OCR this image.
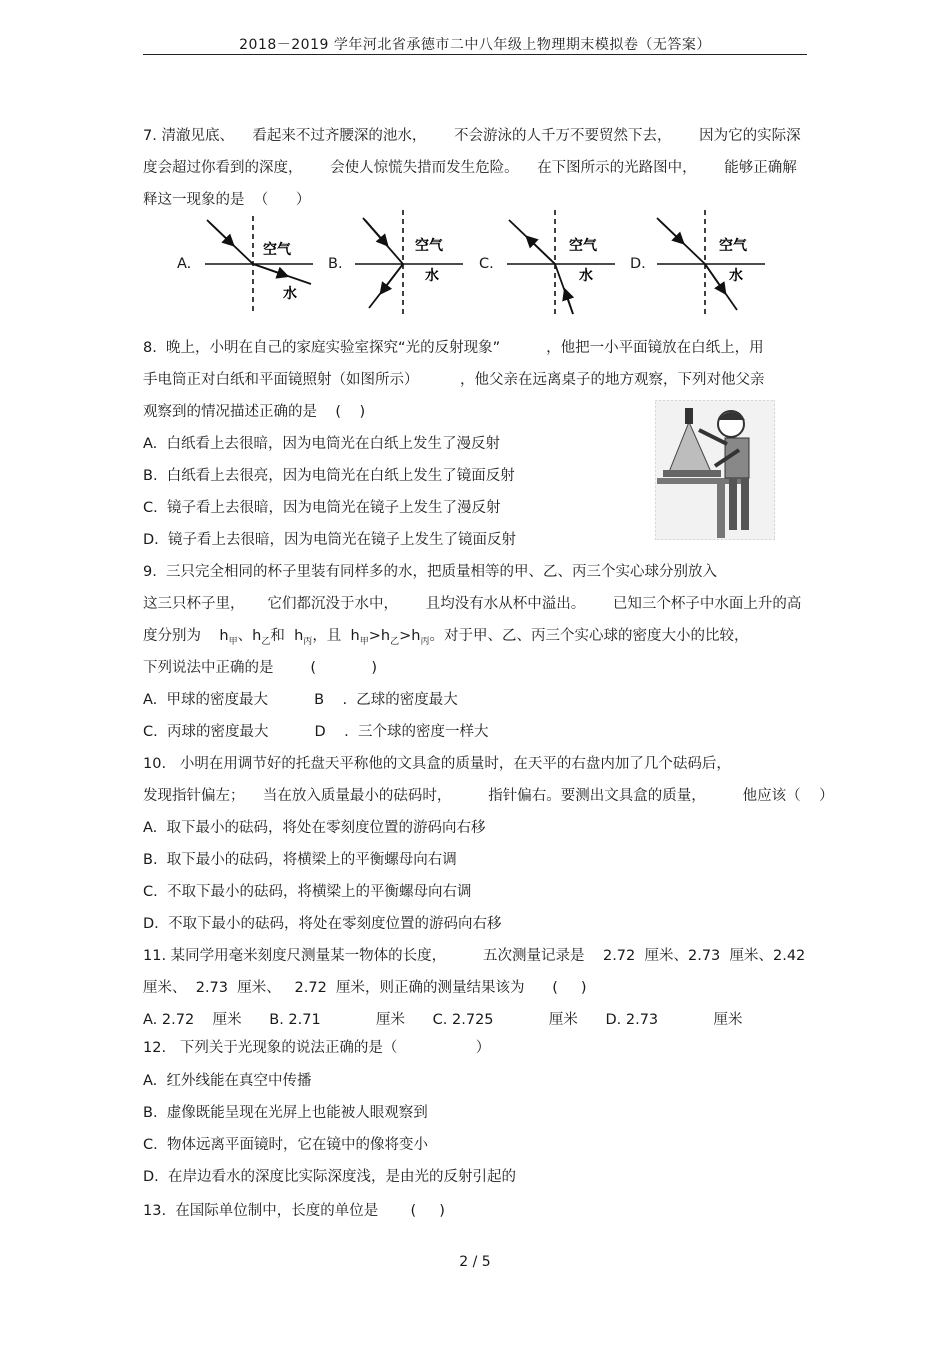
2018－2019 学年河北省承德市二中八年级上物理期末模拟卷（无答案）
7. 清澈见底、    看起来不过齐腰深的池水，      不会游泳的人千万不要贸然下去，      因为它的实际深
度会超过你看到的深度，      会使人惊慌失措而发生危险。    在下图所示的光路图中，      能够正确解
释这一现象的是  （      ）
A.
空气
水
B.
空气
水
C.
空气
水
D.
空气
水
8.  晚上，小明在自己的家庭实验室探究“光的反射现象”          ，他把一小平面镜放在白纸上，用
手电筒正对白纸和平面镜照射（如图所示）         ，他父亲在远离桌子的地方观察，下列对他父亲
观察到的情况描述正确的是    (    )
A.  白纸看上去很暗，因为电筒光在白纸上发生了漫反射
B.  白纸看上去很亮，因为电筒光在白纸上发生了镜面反射
C.  镜子看上去很暗，因为电筒光在镜子上发生了漫反射
D.  镜子看上去很暗，因为电筒光在镜子上发生了镜面反射
9.  三只完全相同的杯子里装有同样多的水，把质量相等的甲、乙、丙三个实心球分别放入
这三只杯子里，     它们都沉没于水中，      且均没有水从杯中溢出。      已知三个杯子中水面上升的高
度分别为    $h_甲$、$h_乙$和  $h_丙$，且  $h_甲>h_乙>h_丙$。对于甲、乙、丙三个实心球的密度大小的比较，
下列说法中正确的是        (            )
A.  甲球的密度最大          B    .  乙球的密度最大
C.  丙球的密度最大          D    .  三个球的密度一样大
10.   小明在用调节好的托盘天平称他的文具盒的质量时，在天平的右盘内加了几个砝码后，
发现指针偏左；    当在放入质量最小的砝码时，        指针偏右。要测出文具盒的质量，        他应该（    ）
A.  取下最小的砝码，将处在零刻度位置的游码向右移
B.  取下最小的砝码，将横梁上的平衡螺母向右调
C.  不取下最小的砝码，将横梁上的平衡螺母向右调
D.  不取下最小的砝码，将处在零刻度位置的游码向右移
11. 某同学用毫米刻度尺测量某一物体的长度，        五次测量记录是    2.72  厘米、2.73  厘米、2.42
厘米、  2.73  厘米、   2.72  厘米，则正确的测量结果该为      (     )
A. 2.72    厘米      B. 2.71            厘米      C. 2.725            厘米      D. 2.73            厘米
12.   下列关于光现象的说法正确的是（                 ）
A.  红外线能在真空中传播
B.  虚像既能呈现在光屏上也能被人眼观察到
C.  物体远离平面镜时，它在镜中的像将变小
D.  在岸边看水的深度比实际深度浅，是由光的反射引起的
13.  在国际单位制中，长度的单位是       (     )
2 / 5
